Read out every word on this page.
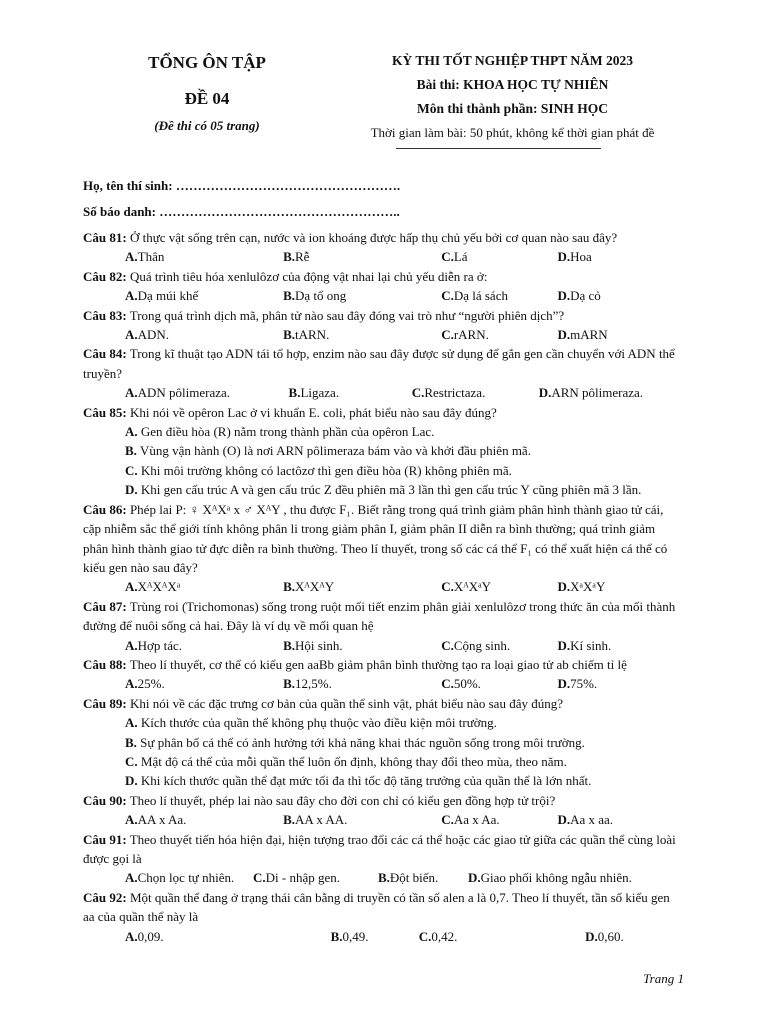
TỔNG ÔN TẬP
ĐỀ 04
(Đề thi có 05 trang)
KỲ THI TỐT NGHIỆP THPT NĂM 2023
Bài thi: KHOA HỌC TỰ NHIÊN
Môn thi thành phần: SINH HỌC
Thời gian làm bài: 50 phút, không kể thời gian phát đề
Họ, tên thí sinh: …………………………………………….
Số báo danh: ………………………………………………..
Câu 81: Ở thực vật sống trên cạn, nước và ion khoáng được hấp thụ chủ yếu bởi cơ quan nào sau đây?
A.Thân	B.Rễ	C.Lá	D.Hoa
Câu 82: Quá trình tiêu hóa xenlulôzơ của động vật nhai lại chủ yếu diễn ra ở:
A.Dạ múi khế	B.Dạ tổ ong	C.Dạ lá sách	D.Dạ cỏ
Câu 83: Trong quá trình dịch mã, phân tử nào sau đây đóng vai trò như “người phiên dịch”?
A.ADN.	B.tARN.	C.rARN.	D.mARN
Câu 84: Trong kĩ thuật tạo ADN tái tổ hợp, enzim nào sau đây được sử dụng để gắn gen cần chuyển với ADN thể truyền?
A.ADN pôlimeraza.	B.Ligaza.	C.Restrictaza.	D.ARN pôlimeraza.
Câu 85: Khi nói về opêron Lac ở vi khuẩn E. coli, phát biểu nào sau đây đúng?
A. Gen điều hòa (R) nằm trong thành phần của opêron Lac.
B. Vùng vận hành (O) là nơi ARN pôlimeraza bám vào và khởi đầu phiên mã.
C. Khi môi trường không có lactôzơ thì gen điều hòa (R) không phiên mã.
D. Khi gen cấu trúc A và gen cấu trúc Z đều phiên mã 3 lần thì gen cấu trúc Y cũng phiên mã 3 lần.
Câu 86: Phép lai P: ♀ XᴬXᵃ x ♂ XᴬY , thu được F₁. Biết rằng trong quá trình giảm phân hình thành giao tử cái, cặp nhiễm sắc thể giới tính không phân li trong giảm phân I, giảm phân II diễn ra bình thường; quá trình giảm phân hình thành giao tử đực diễn ra bình thường. Theo lí thuyết, trong số các cá thể F₁ có thể xuất hiện cá thể có kiểu gen nào sau đây?
A.XᴬXᴬXᵃ	B.XᴬXᴬY	C.XᴬXᵃY	D.XᵃXᵃY
Câu 87: Trùng roi (Trichomonas) sống trong ruột mối tiết enzim phân giải xenlulôzơ trong thức ăn của mối thành đường để nuôi sống cả hai. Đây là ví dụ về mối quan hệ
A.Hợp tác.	B.Hội sinh.	C.Cộng sinh.	D.Kí sinh.
Câu 88: Theo lí thuyết, cơ thể có kiểu gen aaBb giảm phân bình thường tạo ra loại giao tử ab chiếm tỉ lệ
A.25%.	B.12,5%.	C.50%.	D.75%.
Câu 89: Khi nói về các đặc trưng cơ bản của quần thể sinh vật, phát biểu nào sau đây đúng?
A. Kích thước của quần thể không phụ thuộc vào điều kiện môi trường.
B. Sự phân bố cá thể có ảnh hưởng tới khả năng khai thác nguồn sống trong môi trường.
C. Mật độ cá thể của mỗi quần thể luôn ổn định, không thay đổi theo mùa, theo năm.
D. Khi kích thước quần thể đạt mức tối đa thì tốc độ tăng trưởng của quần thể là lớn nhất.
Câu 90: Theo lí thuyết, phép lai nào sau đây cho đời con chỉ có kiểu gen đồng hợp tử trội?
A.AA x Aa.	B.AA x AA.	C.Aa x Aa.	D.Aa x aa.
Câu 91: Theo thuyết tiến hóa hiện đại, hiện tượng trao đổi các cá thể hoặc các giao tử giữa các quần thể cùng loài được gọi là
A.Chọn lọc tự nhiên.	C.Di - nhập gen.	B.Đột biến.	D.Giao phối không ngẫu nhiên.
Câu 92: Một quần thể đang ở trạng thái cân bằng di truyền có tần số alen a là 0,7. Theo lí thuyết, tần số kiểu gen aa của quần thể này là
A.0,09.	B.0,49.	C.0,42.	D.0,60.
Trang 1
